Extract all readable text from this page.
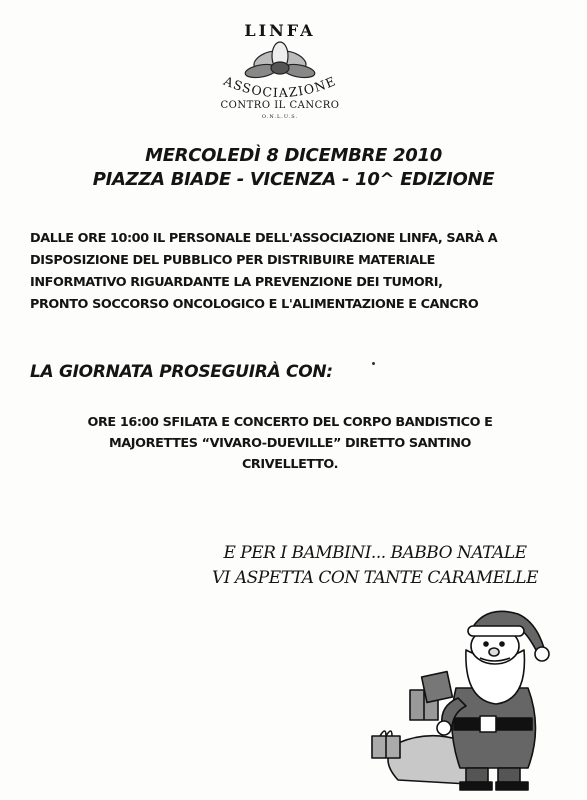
LINFA
ASSOCIAZIONE
CONTRO IL CANCRO
O.N.L.U.S.
MERCOLEDÌ 8 DICEMBRE 2010
PIAZZA BIADE - VICENZA - 10^ EDIZIONE
DALLE ORE 10:00 IL PERSONALE DELL'ASSOCIAZIONE LINFA, SARÀ A
DISPOSIZIONE DEL PUBBLICO PER DISTRIBUIRE MATERIALE
INFORMATIVO RIGUARDANTE LA PREVENZIONE DEI TUMORI,
PRONTO SOCCORSO ONCOLOGICO E L'ALIMENTAZIONE E CANCRO
LA GIORNATA PROSEGUIRÀ CON:
ORE 16:00 SFILATA E CONCERTO DEL CORPO BANDISTICO E
MAJORETTES “VIVARO-DUEVILLE” DIRETTO SANTINO
CRIVELLETTO.
E PER I BAMBINI... BABBO NATALE
VI ASPETTA CON TANTE CARAMELLE
